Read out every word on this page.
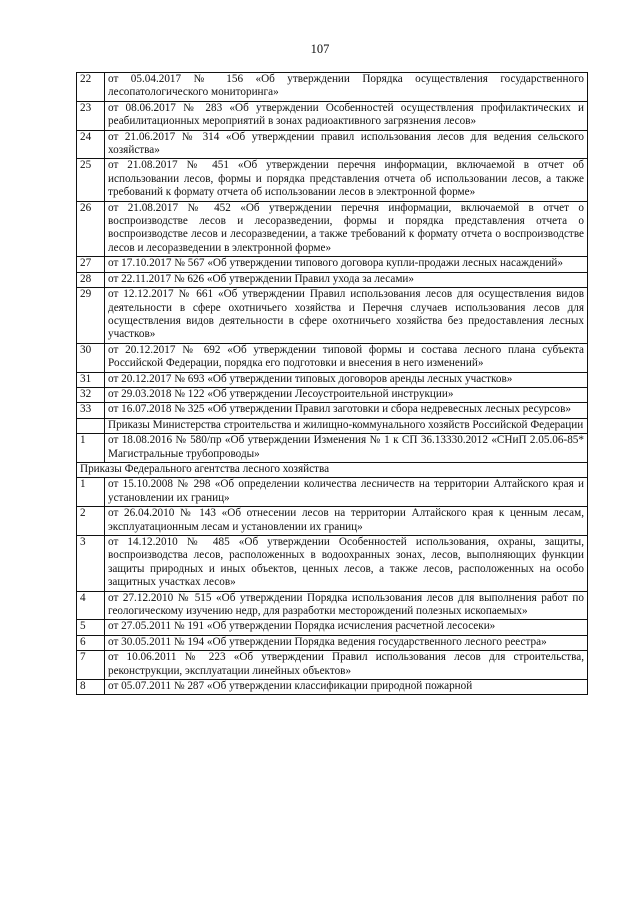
107
22	от 05.04.2017 № 156 «Об утверждении Порядка осуществления государственного лесопатологического мониторинга»
23	от 08.06.2017 № 283 «Об утверждении Особенностей осуществления профилактических и реабилитационных мероприятий в зонах радиоактивного загрязнения лесов»
24	от 21.06.2017 № 314 «Об утверждении правил использования лесов для ведения сельского хозяйства»
25	от 21.08.2017 № 451 «Об утверждении перечня информации, включаемой в отчет об использовании лесов, формы и порядка представления отчета об использовании лесов, а также требований к формату отчета об использовании лесов в электронной форме»
26	от 21.08.2017 № 452 «Об утверждении перечня информации, включаемой в отчет о воспроизводстве лесов и лесоразведении, формы и порядка представления отчета о воспроизводстве лесов и лесоразведении, а также требований к формату отчета о воспроизводстве лесов и лесоразведении в электронной форме»
27	от 17.10.2017 № 567 «Об утверждении типового договора купли-продажи лесных насаждений»
28	от 22.11.2017 № 626 «Об утверждении Правил ухода за лесами»
29	от 12.12.2017 № 661 «Об утверждении Правил использования лесов для осуществления видов деятельности в сфере охотничьего хозяйства и Перечня случаев использования лесов для осуществления видов деятельности в сфере охотничьего хозяйства без предоставления лесных участков»
30	от 20.12.2017 № 692 «Об утверждении типовой формы и состава лесного плана субъекта Российской Федерации, порядка его подготовки и внесения в него изменений»
31	от 20.12.2017 № 693 «Об утверждении типовых договоров аренды лесных участков»
32	от 29.03.2018 № 122 «Об утверждении Лесоустроительной инструкции»
33	от 16.07.2018 № 325 «Об утверждении Правил заготовки и сбора недревесных лесных ресурсов»
	Приказы Министерства строительства и жилищно-коммунального хозяйств Российской Федерации
1	от 18.08.2016 № 580/пр «Об утверждении Изменения № 1 к СП 36.13330.2012 «СНиП 2.05.06-85* Магистральные трубопроводы»
Приказы Федерального агентства лесного хозяйства	
1	от 15.10.2008 № 298 «Об определении количества лесничеств на территории Алтайского края и установлении их границ»
2	от 26.04.2010 № 143 «Об отнесении лесов на территории Алтайского края к ценным лесам, эксплуатационным лесам и установлении их границ»
3	от 14.12.2010 № 485 «Об утверждении Особенностей использования, охраны, защиты, воспроизводства лесов, расположенных в водоохранных зонах, лесов, выполняющих функции защиты природных и иных объектов, ценных лесов, а также лесов, расположенных на особо защитных участках лесов»
4	от 27.12.2010 № 515 «Об утверждении Порядка использования лесов для выполнения работ по геологическому изучению недр, для разработки месторождений полезных ископаемых»
5	от 27.05.2011 № 191 «Об утверждении Порядка исчисления расчетной лесосеки»
6	от 30.05.2011 № 194 «Об утверждении Порядка ведения государственного лесного реестра»
7	от 10.06.2011 № 223 «Об утверждении Правил использования лесов для строительства, реконструкции, эксплуатации линейных объектов»
8	от 05.07.2011 № 287 «Об утверждении классификации природной пожарной
